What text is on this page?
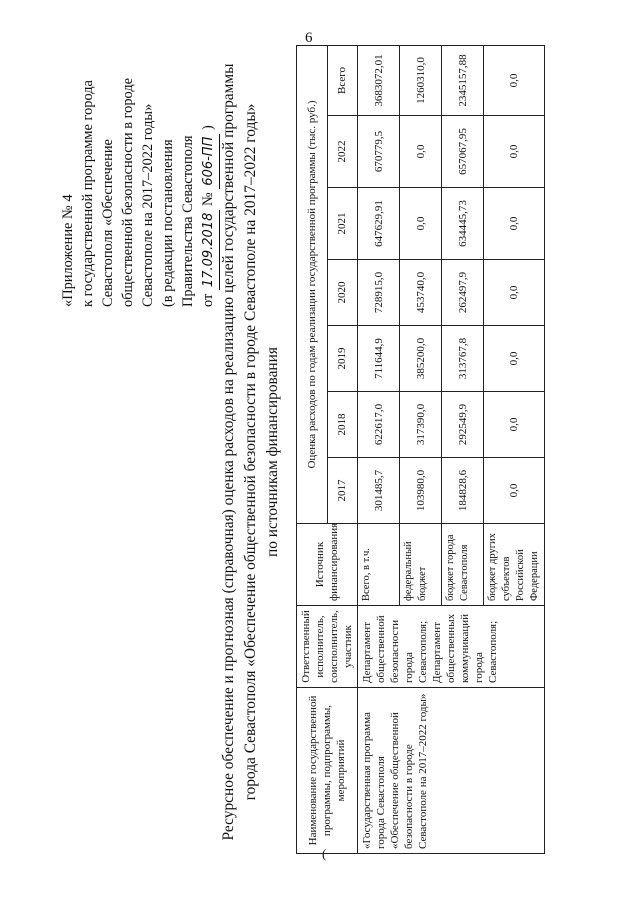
6
(
«Приложение № 4 к государственной программе города Севастополя «Обеспечение общественной безопасности в городе Севастополе на 2017–2022 годы» (в редакции постановления Правительства Севастополя от 17.09.2018 № 606-ПП ) Ресурсное обеспечение и прогнозная (справочная) оценка расходов на реализацию целей государственной программы города Севастополя «Обеспечение общественной безопасности в городе Севастополе на 2017–2022 годы» по источникам финансирования
Наименование государственной программы, подпрограммы, мероприятий	Ответственный исполнитель, соисполнитель, участник	Источник финансирования	Оценка расходов по годам реализации государственной программы (тыс. руб.)						
			2017	2018	2019	2020	2021	2022	Всего
«Государственная программа города Севастополя «Обеспечение общественной безопасности в городе Севастополе на 2017–2022 годы»	Департамент общественной безопасности города Севастополя; Департамент общественных коммуникаций города Севастополя;	Всего, в т.ч.	301485,7	622617,0	711644,9	728915,0	647629,91	670779,5	3683072,01
		федеральный бюджет	103980,0	317390,0	385200,0	453740,0	0,0	0,0	1260310,0
		бюджет города Севастополя	184828,6	292549,9	313767,8	262497,9	634445,73	657067,95	2345157,88
		бюджет других субъектов Российской Федерации	0,0	0,0	0,0	0,0	0,0	0,0	0,0
